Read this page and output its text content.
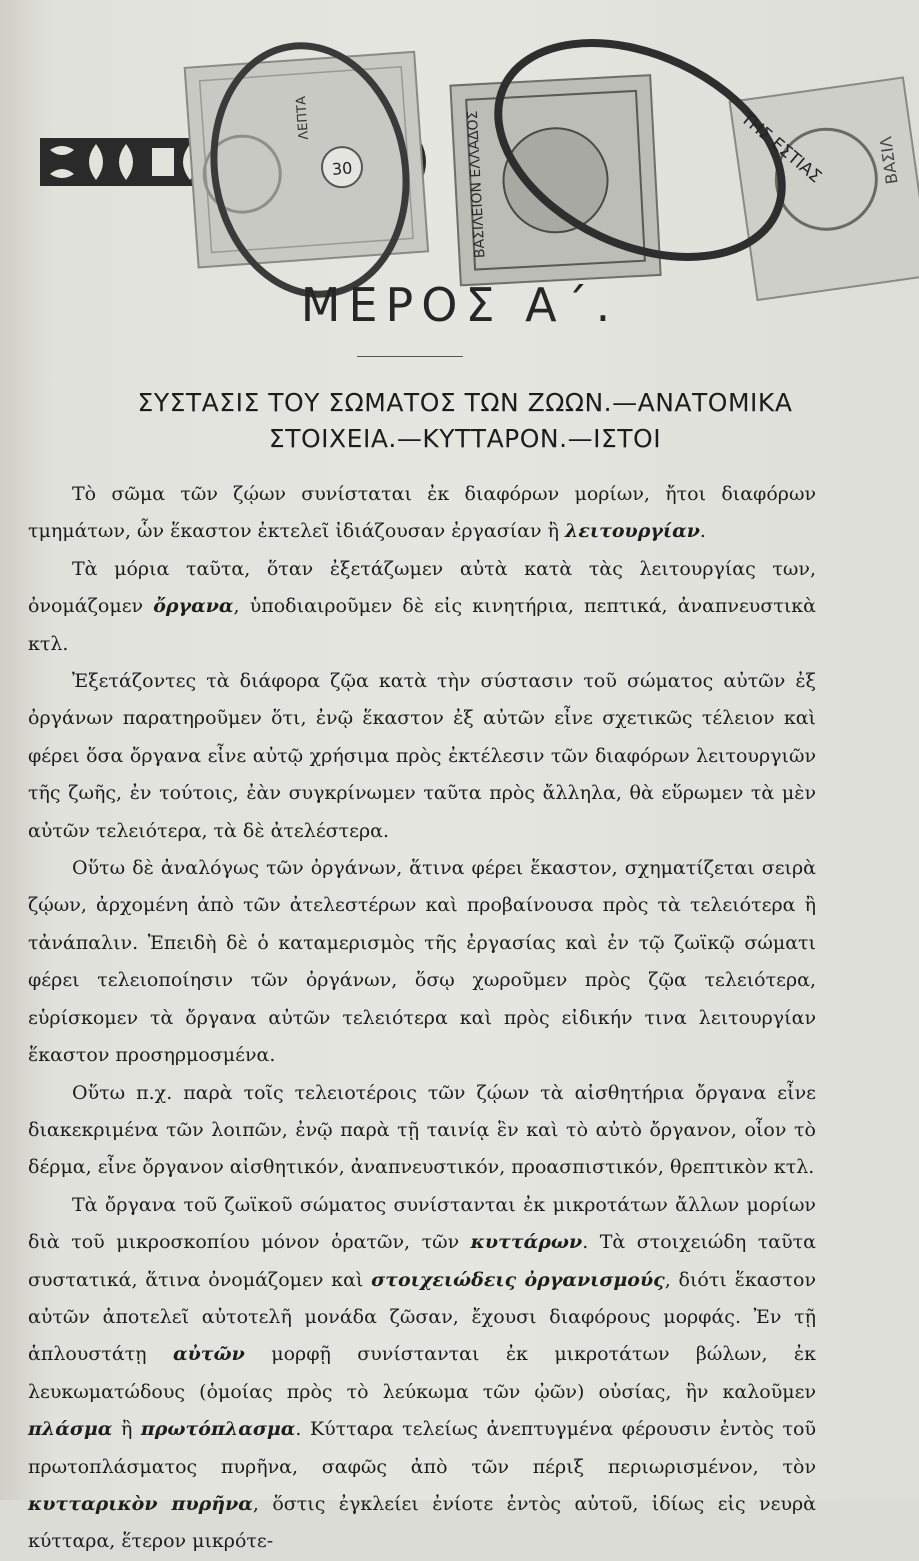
30
ΛΕΠΤΑ	ΒΑΣΙΛΕΙΟΝ ΕΛΛΑΔΟΣ	ΒΑΣΙΛ
ΤΗΣ ΕΣΤΙΑΣ
ΜΕΡΟΣ Α΄.
ΣΥΣΤΑΣΙΣ ΤΟΥ ΣΩΜΑΤΟΣ ΤΩΝ ΖΩΩΝ.—ΑΝΑΤΟΜΙΚΑ
ΣΤΟΙΧΕΙΑ.—ΚΥΤΤΑΡΟΝ.—ΙΣΤΟΙ

Τὸ σῶμα τῶν ζῴων συνίσταται ἐκ διαφόρων μορίων, ἤτοι διαφόρων τμημάτων, ὧν ἕκαστον ἐκτελεῖ ἰδιάζουσαν ἐργασίαν ἢ λειτουργίαν.

Τὰ μόρια ταῦτα, ὅταν ἐξετάζωμεν αὐτὰ κατὰ τὰς λειτουργίας των, ὀνομάζομεν ὄργανα, ὑποδιαιροῦμεν δὲ εἰς κινητήρια, πεπτικά, ἀναπνευστικὰ κτλ.

Ἐξετάζοντες τὰ διάφορα ζῷα κατὰ τὴν σύστασιν τοῦ σώματος αὐτῶν ἐξ ὀργάνων παρατηροῦμεν ὅτι, ἐνῷ ἕκαστον ἐξ αὐτῶν εἶνε σχετικῶς τέλειον καὶ φέρει ὅσα ὄργανα εἶνε αὐτῷ χρήσιμα πρὸς ἐκτέλεσιν τῶν διαφόρων λειτουργιῶν τῆς ζωῆς, ἐν τούτοις, ἐὰν συγκρίνωμεν ταῦτα πρὸς ἄλληλα, θὰ εὕρωμεν τὰ μὲν αὐτῶν τελειότερα, τὰ δὲ ἀτελέστερα.

Οὕτω δὲ ἀναλόγως τῶν ὀργάνων, ἅτινα φέρει ἕκαστον, σχηματίζεται σειρὰ ζῴων, ἀρχομένη ἀπὸ τῶν ἀτελεστέρων καὶ προβαίνουσα πρὸς τὰ τελειότερα ἢ τἀνάπαλιν. Ἐπειδὴ δὲ ὁ καταμερισμὸς τῆς ἐργασίας καὶ ἐν τῷ ζωϊκῷ σώματι φέρει τελειοποίησιν τῶν ὀργάνων, ὅσῳ χωροῦμεν πρὸς ζῷα τελειότερα, εὑρίσκομεν τὰ ὄργανα αὐτῶν τελειότερα καὶ πρὸς εἰδικήν τινα λειτουργίαν ἕκαστον προσηρμοσμένα.

Οὕτω π.χ. παρὰ τοῖς τελειοτέροις τῶν ζῴων τὰ αἰσθητήρια ὄργανα εἶνε διακεκριμένα τῶν λοιπῶν, ἐνῷ παρὰ τῇ ταινίᾳ ἓν καὶ τὸ αὐτὸ ὄργανον, οἷον τὸ δέρμα, εἶνε ὄργανον αἰσθητικόν, ἀναπνευστικόν, προασπιστικόν, θρεπτικὸν κτλ.

Τὰ ὄργανα τοῦ ζωϊκοῦ σώματος συνίστανται ἐκ μικροτάτων ἄλλων μορίων διὰ τοῦ μικροσκοπίου μόνον ὁρατῶν, τῶν κυττάρων. Τὰ στοιχειώδη ταῦτα συστατικά, ἅτινα ὀνομάζομεν καὶ στοιχειώδεις ὀργανισμούς, διότι ἕκαστον αὐτῶν ἀποτελεῖ αὐτοτελῆ μονάδα ζῶσαν, ἔχουσι διαφόρους μορφάς. Ἐν τῇ ἁπλουστάτῃ αὐτῶν μορφῇ συνίστανται ἐκ μικροτάτων βώλων, ἐκ λευκωματώδους (ὁμοίας πρὸς τὸ λεύκωμα τῶν ᾠῶν) οὐσίας, ἣν καλοῦμεν πλάσμα ἢ πρωτόπλασμα. Κύτταρα τελείως ἀνεπτυγμένα φέρουσιν ἐντὸς τοῦ πρωτοπλάσματος πυρῆνα, σαφῶς ἀπὸ τῶν πέριξ περιωρισμένον, τὸν κυτταρικὸν πυρῆνα, ὅστις ἐγκλείει ἐνίοτε ἐντὸς αὐτοῦ, ἰδίως εἰς νευρὰ κύτταρα, ἕτερον μικρότε-
